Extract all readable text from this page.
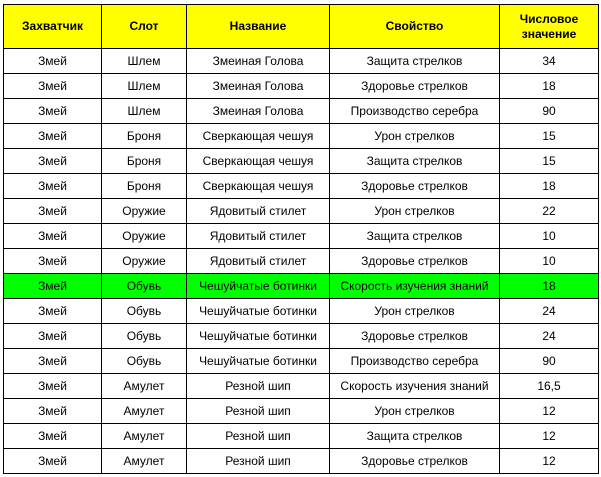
Захватчик	Слот	Название	Свойство	Числовое
значение

Змей	Шлем	Змеиная Голова	Защита стрелков	34
Змей	Шлем	Змеиная Голова	Здоровье стрелков	18
Змей	Шлем	Змеиная Голова	Производство серебра	90
Змей	Броня	Сверкающая чешуя	Урон стрелков	15
Змей	Броня	Сверкающая чешуя	Защита стрелков	15
Змей	Броня	Сверкающая чешуя	Здоровье стрелков	18
Змей	Оружие	Ядовитый стилет	Урон стрелков	22
Змей	Оружие	Ядовитый стилет	Защита стрелков	10
Змей	Оружие	Ядовитый стилет	Здоровье стрелков	10
Змей	Обувь	Чешуйчатые ботинки	Скорость изучения знаний	18
Змей	Обувь	Чешуйчатые ботинки	Урон стрелков	24
Змей	Обувь	Чешуйчатые ботинки	Здоровье стрелков	24
Змей	Обувь	Чешуйчатые ботинки	Производство серебра	90
Змей	Амулет	Резной шип	Скорость изучения знаний	16,5
Змей	Амулет	Резной шип	Урон стрелков	12
Змей	Амулет	Резной шип	Защита стрелков	12
Змей	Амулет	Резной шип	Здоровье стрелков	12
